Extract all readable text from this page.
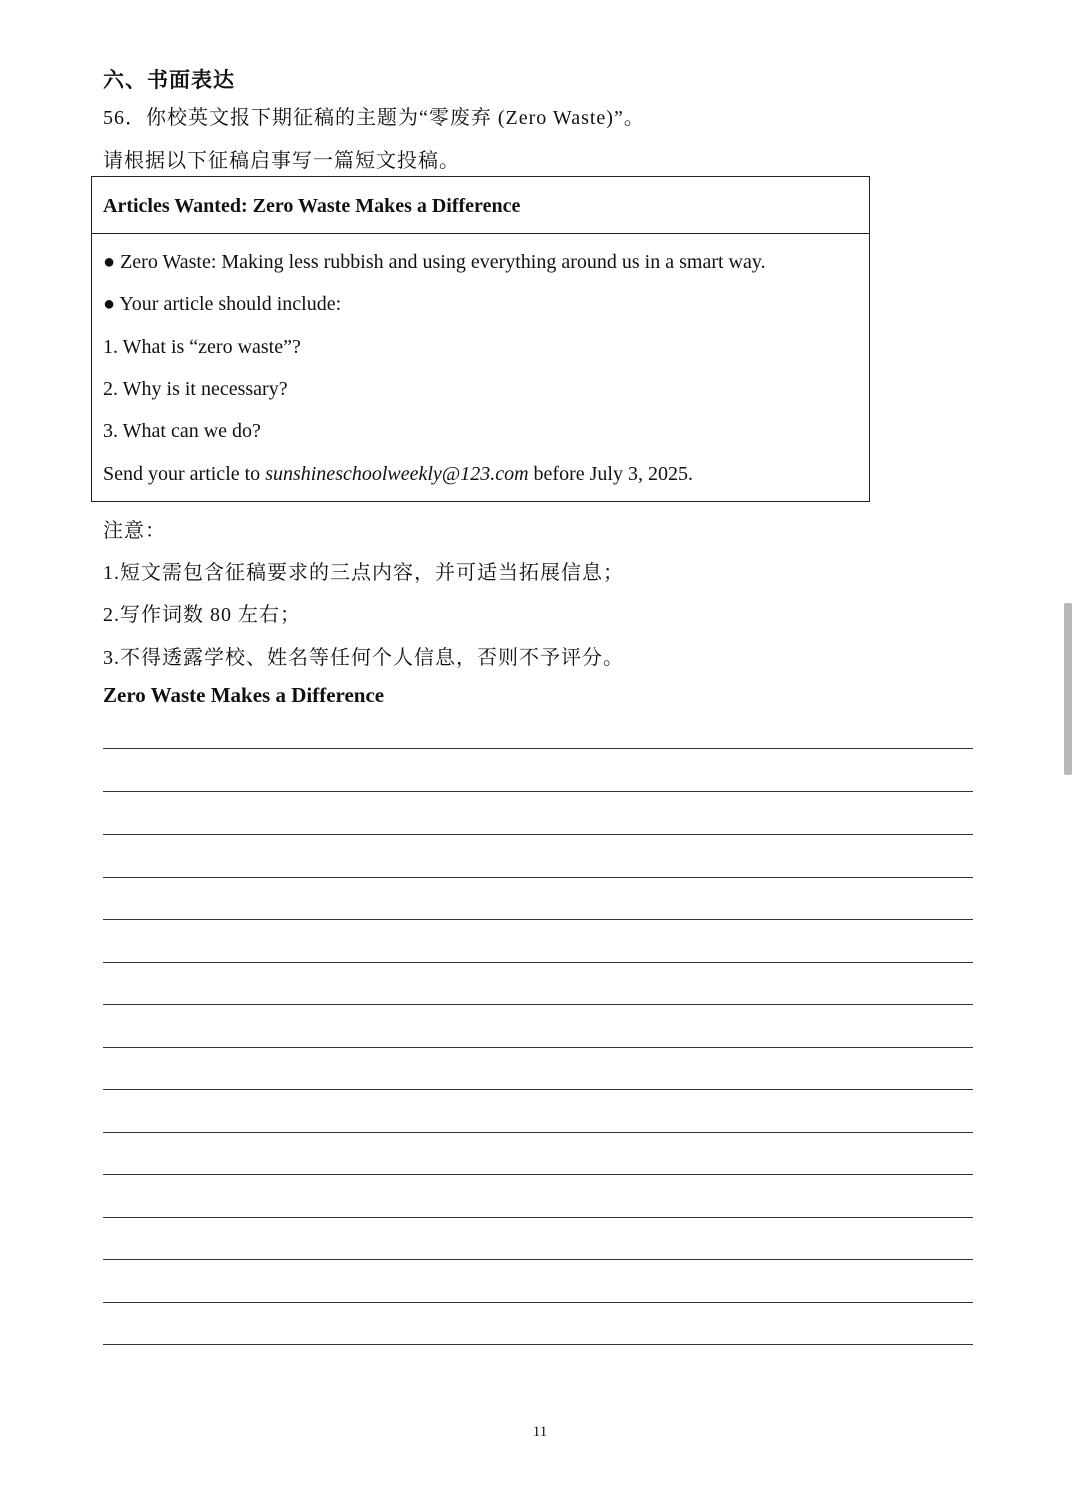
六、书面表达
56．你校英文报下期征稿的主题为“零废弃 (Zero Waste)”。
请根据以下征稿启事写一篇短文投稿。
Articles Wanted: Zero Waste Makes a Difference
● Zero Waste: Making less rubbish and using everything around us in a smart way.
● Your article should include:
1. What is “zero waste”?
2. Why is it necessary?
3. What can we do?
Send your article to sunshineschoolweekly@123.com before July 3, 2025.
注意：
1.短文需包含征稿要求的三点内容，并可适当拓展信息；
2.写作词数 80 左右；
3.不得透露学校、姓名等任何个人信息，否则不予评分。
Zero Waste Makes a Difference
11
